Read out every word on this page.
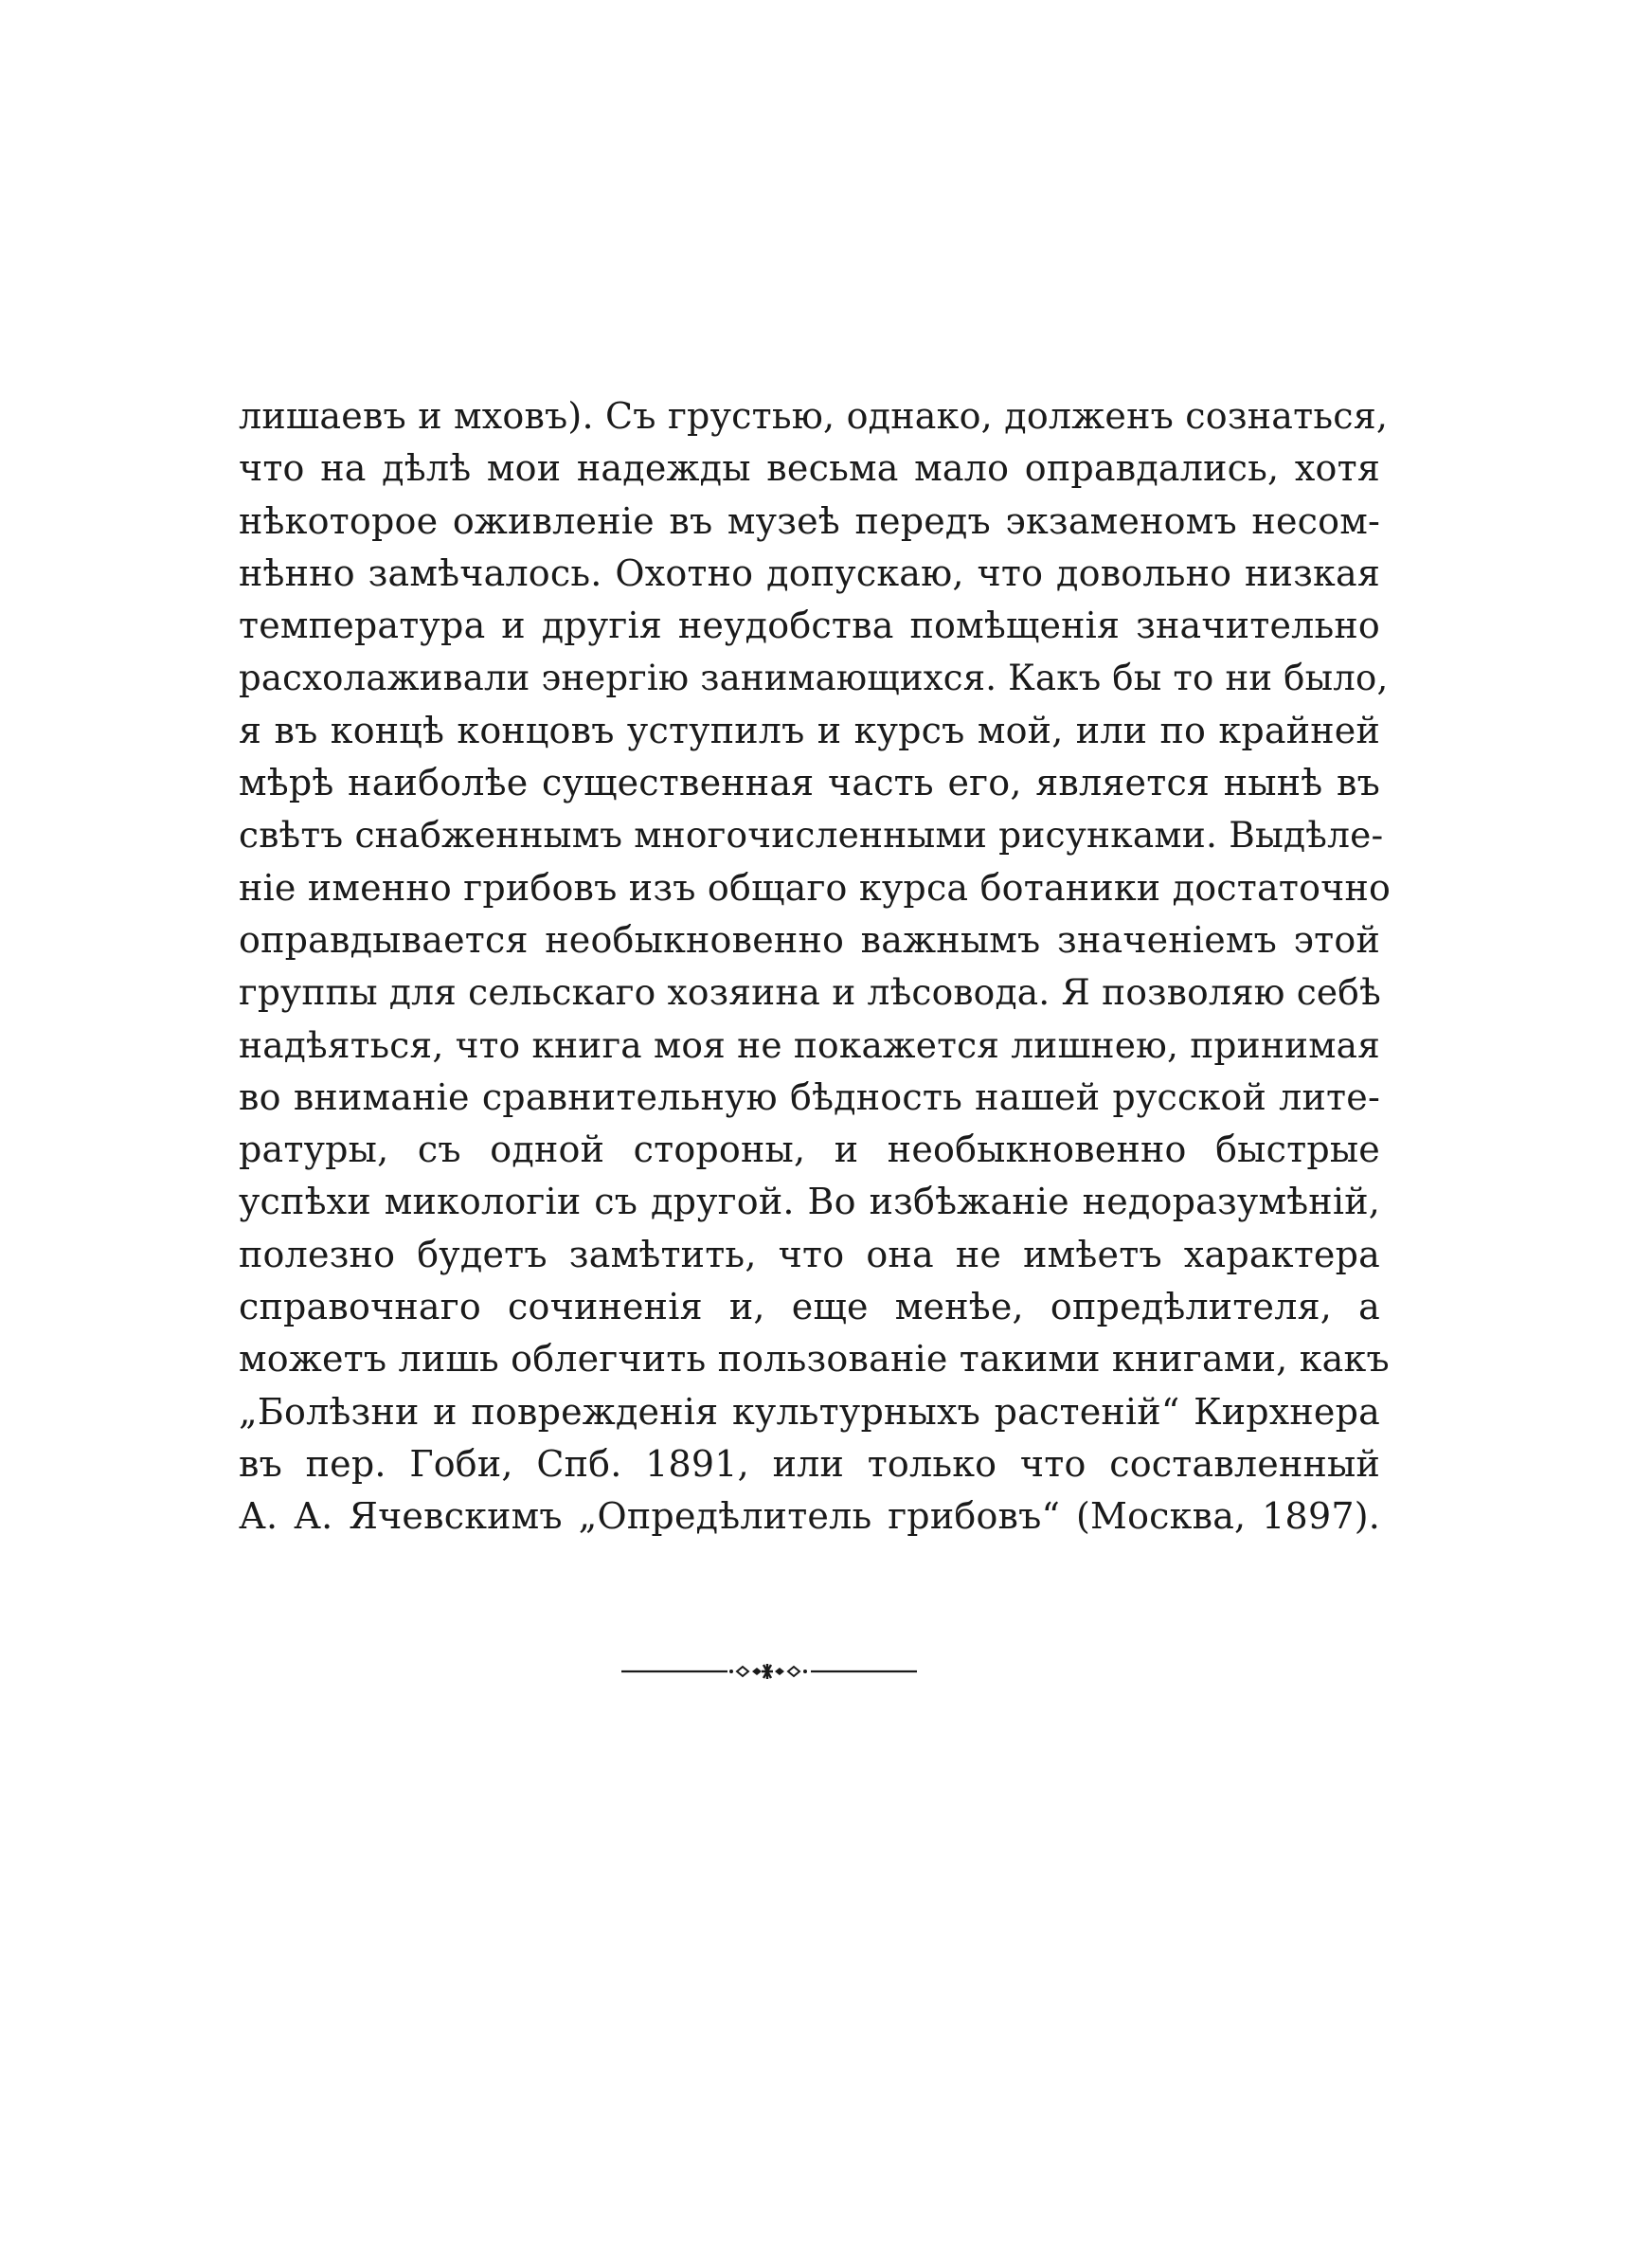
лишаевъ и мховъ). Съ грустью, однако, долженъ сознаться,
что на дѣлѣ мои надежды весьма мало оправдались, хотя
нѣкоторое оживленіе въ музеѣ передъ экзаменомъ несом-
нѣнно замѣчалось. Охотно допускаю, что довольно низкая
температура и другія неудобства помѣщенія значительно
расхолаживали энергію занимающихся. Какъ бы то ни было,
я въ концѣ концовъ уступилъ и курсъ мой, или по крайней
мѣрѣ наиболѣе существенная часть его, является нынѣ въ
свѣтъ снабженнымъ многочисленными рисунками. Выдѣле-
ніе именно грибовъ изъ общаго курса ботаники достаточно
оправдывается необыкновенно важнымъ значеніемъ этой
группы для сельскаго хозяина и лѣсовода. Я позволяю себѣ
надѣяться, что книга моя не покажется лишнею, принимая
во вниманіе сравнительную бѣдность нашей русской лите-
ратуры, съ одной стороны, и необыкновенно быстрые
успѣхи микологіи съ другой. Во избѣжаніе недоразумѣній,
полезно будетъ замѣтить, что она не имѣетъ характера
справочнаго сочиненія и, еще менѣе, опредѣлителя, а
можетъ лишь облегчить пользованіе такими книгами, какъ
„Болѣзни и поврежденія культурныхъ растеній“ Кирхнера
въ пер. Гоби, Спб. 1891, или только что составленный
А. А. Ячевскимъ „Опредѣлитель грибовъ“ (Москва, 1897).
